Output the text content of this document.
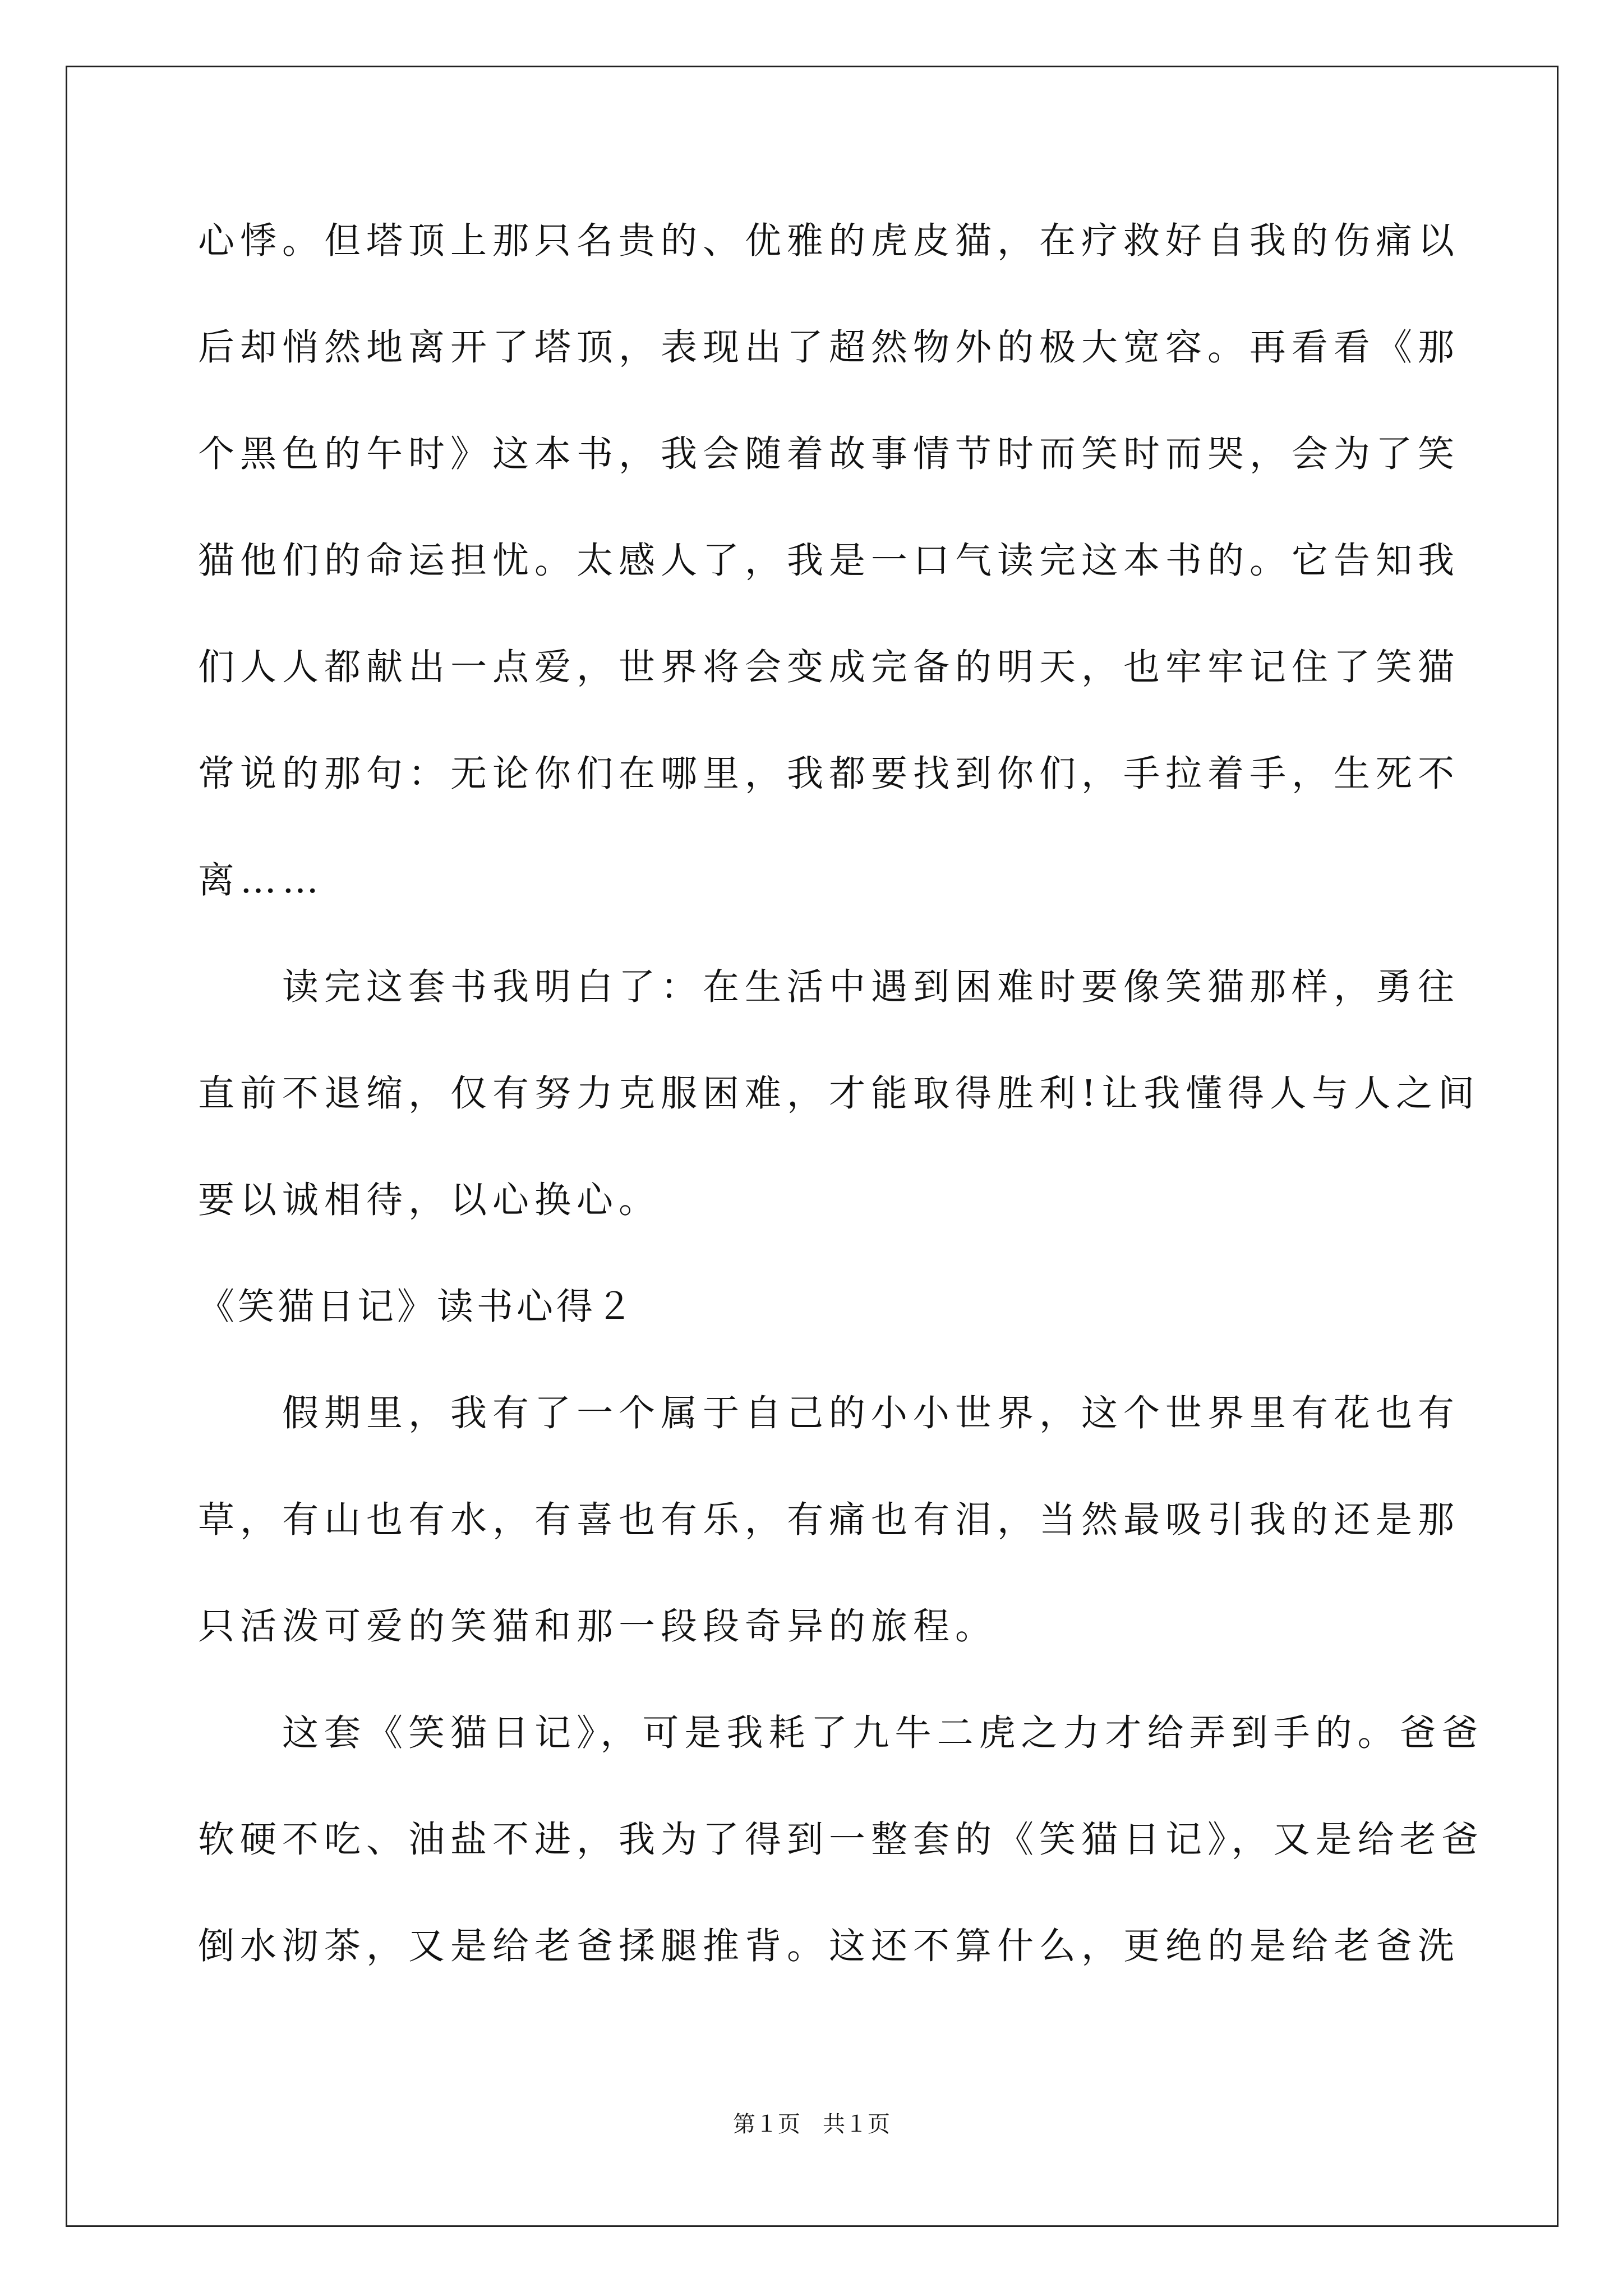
心悸。但塔顶上那只名贵的、优雅的虎皮猫，在疗救好自我的伤痛以
后却悄然地离开了塔顶，表现出了超然物外的极大宽容。再看看《那
个黑色的午时》这本书，我会随着故事情节时而笑时而哭，会为了笑
猫他们的命运担忧。太感人了，我是一口气读完这本书的。它告知我
们人人都献出一点爱，世界将会变成完备的明天，也牢牢记住了笑猫
常说的那句：无论你们在哪里，我都要找到你们，手拉着手，生死不
离……
读完这套书我明白了：在生活中遇到困难时要像笑猫那样，勇往
直前不退缩，仅有努力克服困难，才能取得胜利!让我懂得人与人之间
要以诚相待，以心换心。
《笑猫日记》读书心得２
假期里，我有了一个属于自己的小小世界，这个世界里有花也有
草，有山也有水，有喜也有乐，有痛也有泪，当然最吸引我的还是那
只活泼可爱的笑猫和那一段段奇异的旅程。
这套《笑猫日记》，可是我耗了九牛二虎之力才给弄到手的。爸爸
软硬不吃、油盐不进，我为了得到一整套的《笑猫日记》，又是给老爸
倒水沏茶，又是给老爸揉腿推背。这还不算什么，更绝的是给老爸洗
第１页　共１页
